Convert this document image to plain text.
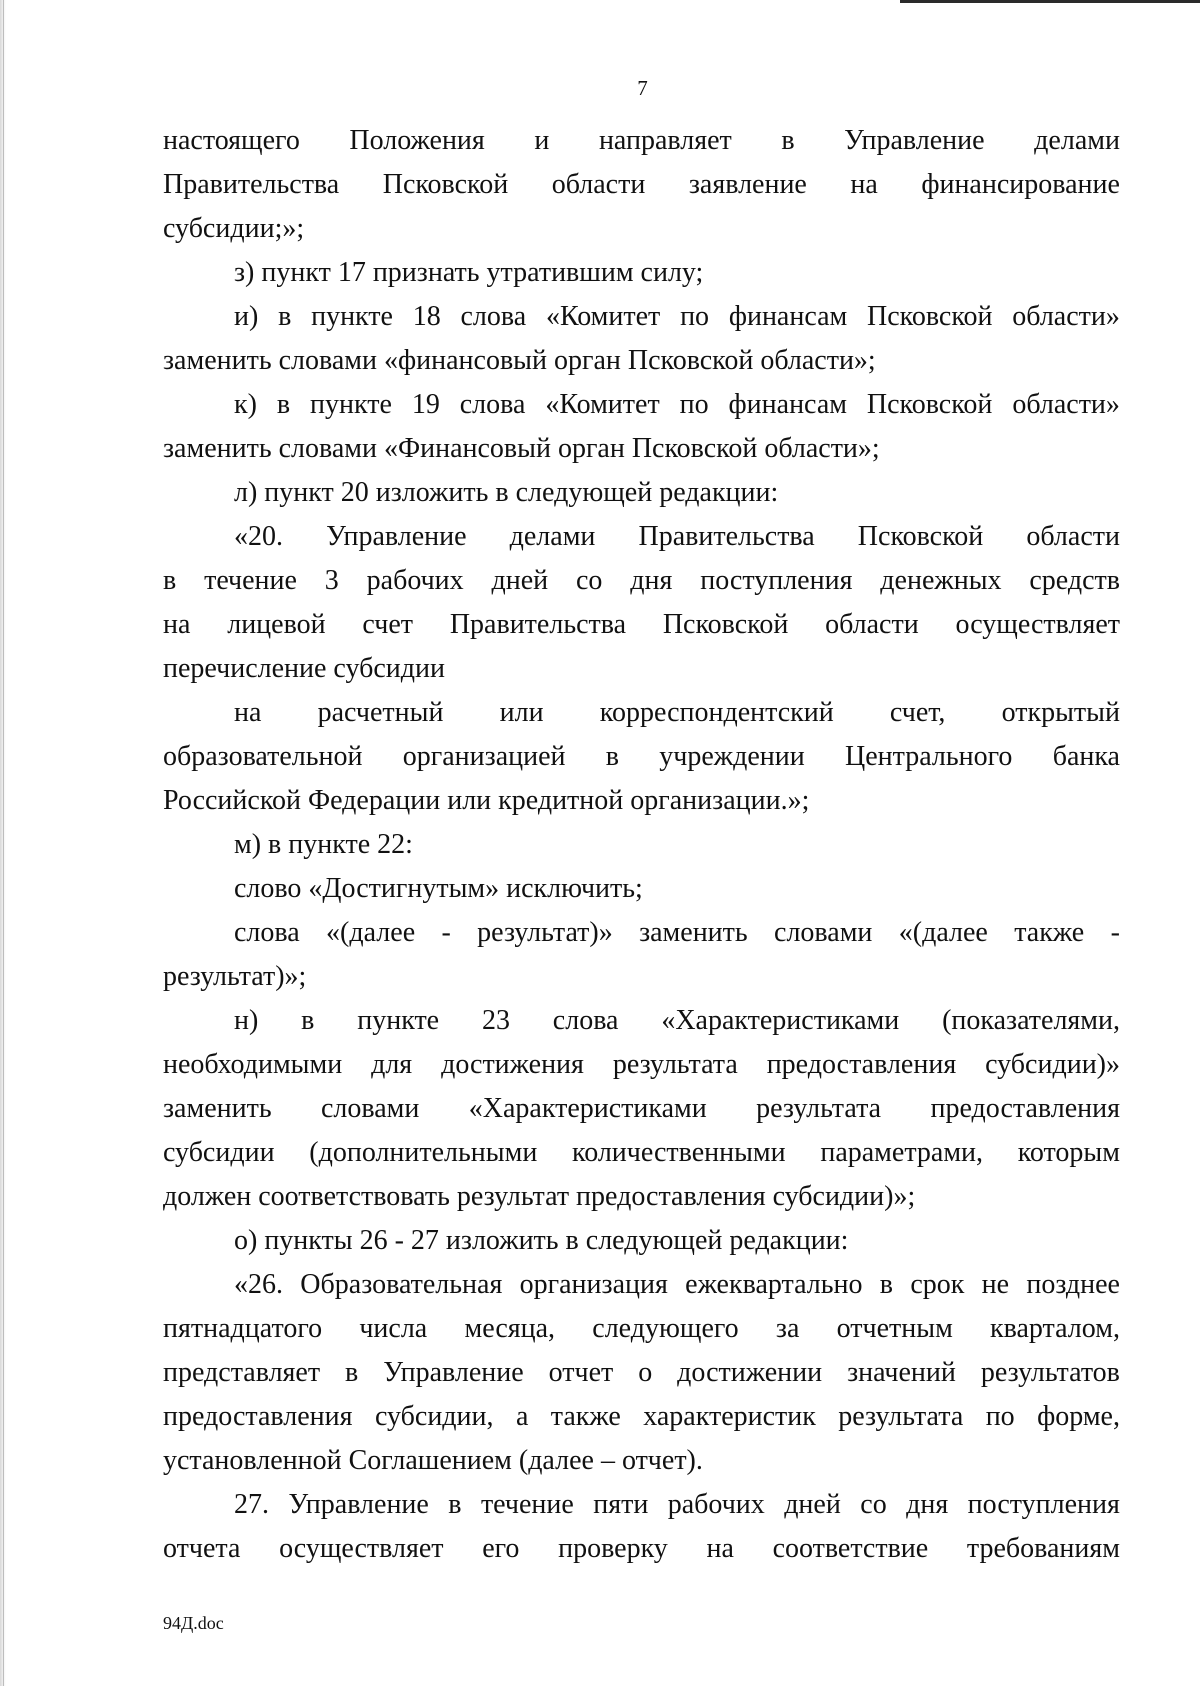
7
настоящего Положения и направляет в Управление делами
Правительства Псковской области заявление на финансирование
субсидии;»;
з) пункт 17 признать утратившим силу;
и) в пункте 18 слова «Комитет по финансам Псковской области»
заменить словами «финансовый орган Псковской области»;
к) в пункте 19 слова «Комитет по финансам Псковской области»
заменить словами «Финансовый орган Псковской области»;
л) пункт 20 изложить в следующей редакции:
«20. Управление делами Правительства Псковской области
в течение 3 рабочих дней со дня поступления денежных средств
на лицевой счет Правительства Псковской области осуществляет
перечисление субсидии
на расчетный или корреспондентский счет, открытый
образовательной организацией в учреждении Центрального банка
Российской Федерации или кредитной организации.»;
м) в пункте 22:
слово «Достигнутым» исключить;
слова «(далее - результат)» заменить словами «(далее также -
результат)»;
н) в пункте 23 слова «Характеристиками (показателями,
необходимыми для достижения результата предоставления субсидии)»
заменить словами «Характеристиками результата предоставления
субсидии (дополнительными количественными параметрами, которым
должен соответствовать результат предоставления субсидии)»;
о) пункты 26 - 27 изложить в следующей редакции:
«26. Образовательная организация ежеквартально в срок не позднее
пятнадцатого числа месяца, следующего за отчетным кварталом,
представляет в Управление отчет о достижении значений результатов
предоставления субсидии, а также характеристик результата по форме,
установленной Соглашением (далее – отчет).
27. Управление в течение пяти рабочих дней со дня поступления
отчета осуществляет его проверку на соответствие требованиям
94Д.doc
